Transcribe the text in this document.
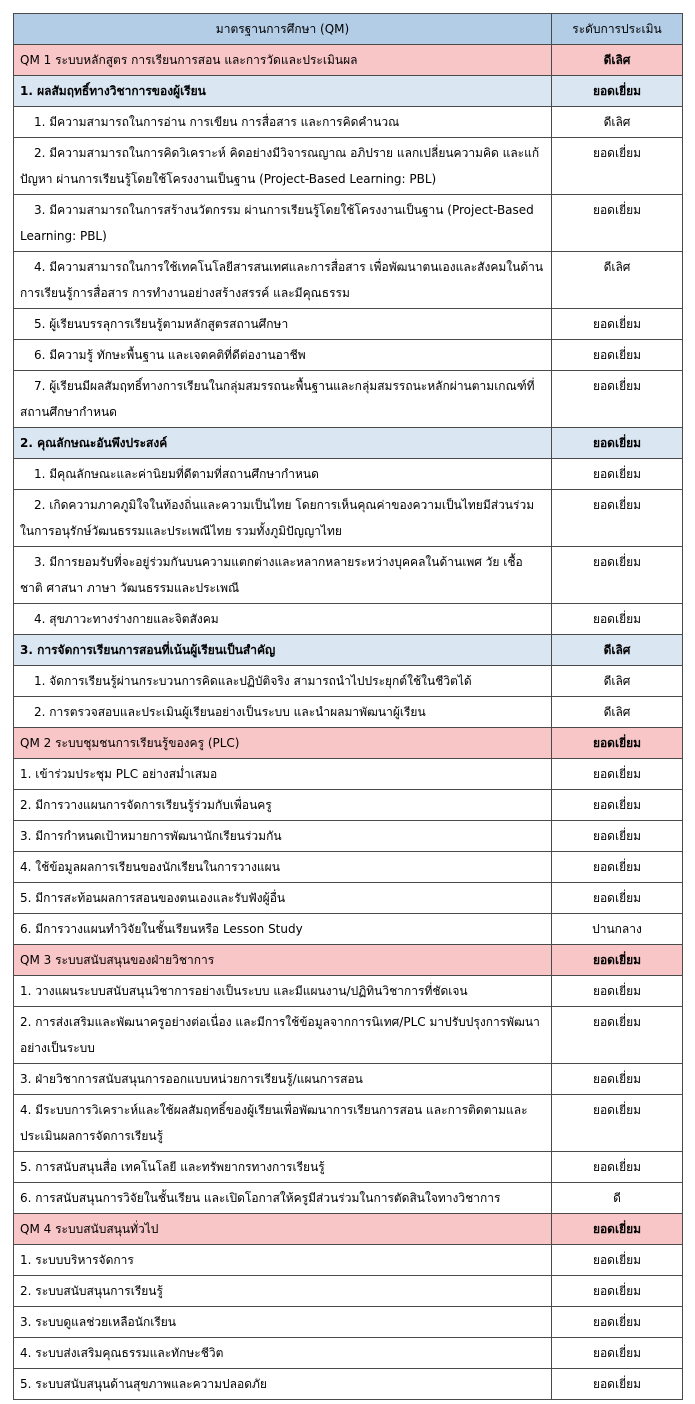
มาตรฐานการศึกษา (QM)	ระดับการประเมิน
QM 1 ระบบหลักสูตร การเรียนการสอน และการวัดและประเมินผล	ดีเลิศ
1. ผลสัมฤทธิ์ทางวิชาการของผู้เรียน	ยอดเยี่ยม
1. มีความสามารถในการอ่าน การเขียน การสื่อสาร และการคิดคำนวณ	ดีเลิศ
2. มีความสามารถในการคิดวิเคราะห์ คิดอย่างมีวิจารณญาณ อภิปราย แลกเปลี่ยนความคิด และแก้ปัญหา ผ่านการเรียนรู้โดยใช้โครงงานเป็นฐาน (Project-Based Learning: PBL)	ยอดเยี่ยม
3. มีความสามารถในการสร้างนวัตกรรม ผ่านการเรียนรู้โดยใช้โครงงานเป็นฐาน (Project-Based Learning: PBL)	ยอดเยี่ยม
4. มีความสามารถในการใช้เทคโนโลยีสารสนเทศและการสื่อสาร เพื่อพัฒนาตนเองและสังคมในด้านการเรียนรู้การสื่อสาร การทำงานอย่างสร้างสรรค์ และมีคุณธรรม	ดีเลิศ
5. ผู้เรียนบรรลุการเรียนรู้ตามหลักสูตรสถานศึกษา	ยอดเยี่ยม
6. มีความรู้ ทักษะพื้นฐาน และเจตคติที่ดีต่องานอาชีพ	ยอดเยี่ยม
7. ผู้เรียนมีผลสัมฤทธิ์ทางการเรียนในกลุ่มสมรรถนะพื้นฐานและกลุ่มสมรรถนะหลักผ่านตามเกณฑ์ที่สถานศึกษากำหนด	ยอดเยี่ยม
2. คุณลักษณะอันพึงประสงค์	ยอดเยี่ยม
1. มีคุณลักษณะและค่านิยมที่ดีตามที่สถานศึกษากำหนด	ยอดเยี่ยม
2. เกิดความภาคภูมิใจในท้องถิ่นและความเป็นไทย โดยการเห็นคุณค่าของความเป็นไทยมีส่วนร่วมในการอนุรักษ์วัฒนธรรมและประเพณีไทย รวมทั้งภูมิปัญญาไทย	ยอดเยี่ยม
3. มีการยอมรับที่จะอยู่ร่วมกันบนความแตกต่างและหลากหลายระหว่างบุคคลในด้านเพศ วัย เชื้อชาติ ศาสนา ภาษา วัฒนธรรมและประเพณี	ยอดเยี่ยม
4. สุขภาวะทางร่างกายและจิตสังคม	ยอดเยี่ยม
3. การจัดการเรียนการสอนที่เน้นผู้เรียนเป็นสำคัญ	ดีเลิศ
1. จัดการเรียนรู้ผ่านกระบวนการคิดและปฏิบัติจริง สามารถนำไปประยุกต์ใช้ในชีวิตได้	ดีเลิศ
2. การตรวจสอบและประเมินผู้เรียนอย่างเป็นระบบ และนำผลมาพัฒนาผู้เรียน	ดีเลิศ
QM 2 ระบบชุมชนการเรียนรู้ของครู (PLC)	ยอดเยี่ยม
1. เข้าร่วมประชุม PLC อย่างสม่ำเสมอ	ยอดเยี่ยม
2. มีการวางแผนการจัดการเรียนรู้ร่วมกับเพื่อนครู	ยอดเยี่ยม
3. มีการกำหนดเป้าหมายการพัฒนานักเรียนร่วมกัน	ยอดเยี่ยม
4. ใช้ข้อมูลผลการเรียนของนักเรียนในการวางแผน	ยอดเยี่ยม
5. มีการสะท้อนผลการสอนของตนเองและรับฟังผู้อื่น	ยอดเยี่ยม
6. มีการวางแผนทำวิจัยในชั้นเรียนหรือ Lesson Study	ปานกลาง
QM 3 ระบบสนับสนุนของฝ่ายวิชาการ	ยอดเยี่ยม
1. วางแผนระบบสนับสนุนวิชาการอย่างเป็นระบบ และมีแผนงาน/ปฏิทินวิชาการที่ชัดเจน	ยอดเยี่ยม
2. การส่งเสริมและพัฒนาครูอย่างต่อเนื่อง และมีการใช้ข้อมูลจากการนิเทศ/PLC มาปรับปรุงการพัฒนาอย่างเป็นระบบ	ยอดเยี่ยม
3. ฝ่ายวิชาการสนับสนุนการออกแบบหน่วยการเรียนรู้/แผนการสอน	ยอดเยี่ยม
4. มีระบบการวิเคราะห์และใช้ผลสัมฤทธิ์ของผู้เรียนเพื่อพัฒนาการเรียนการสอน และการติดตามและประเมินผลการจัดการเรียนรู้	ยอดเยี่ยม
5. การสนับสนุนสื่อ เทคโนโลยี และทรัพยากรทางการเรียนรู้	ยอดเยี่ยม
6. การสนับสนุนการวิจัยในชั้นเรียน และเปิดโอกาสให้ครูมีส่วนร่วมในการตัดสินใจทางวิชาการ	ดี
QM 4 ระบบสนับสนุนทั่วไป	ยอดเยี่ยม
1. ระบบบริหารจัดการ	ยอดเยี่ยม
2. ระบบสนับสนุนการเรียนรู้	ยอดเยี่ยม
3. ระบบดูแลช่วยเหลือนักเรียน	ยอดเยี่ยม
4. ระบบส่งเสริมคุณธรรมและทักษะชีวิต	ยอดเยี่ยม
5. ระบบสนับสนุนด้านสุขภาพและความปลอดภัย	ยอดเยี่ยม
